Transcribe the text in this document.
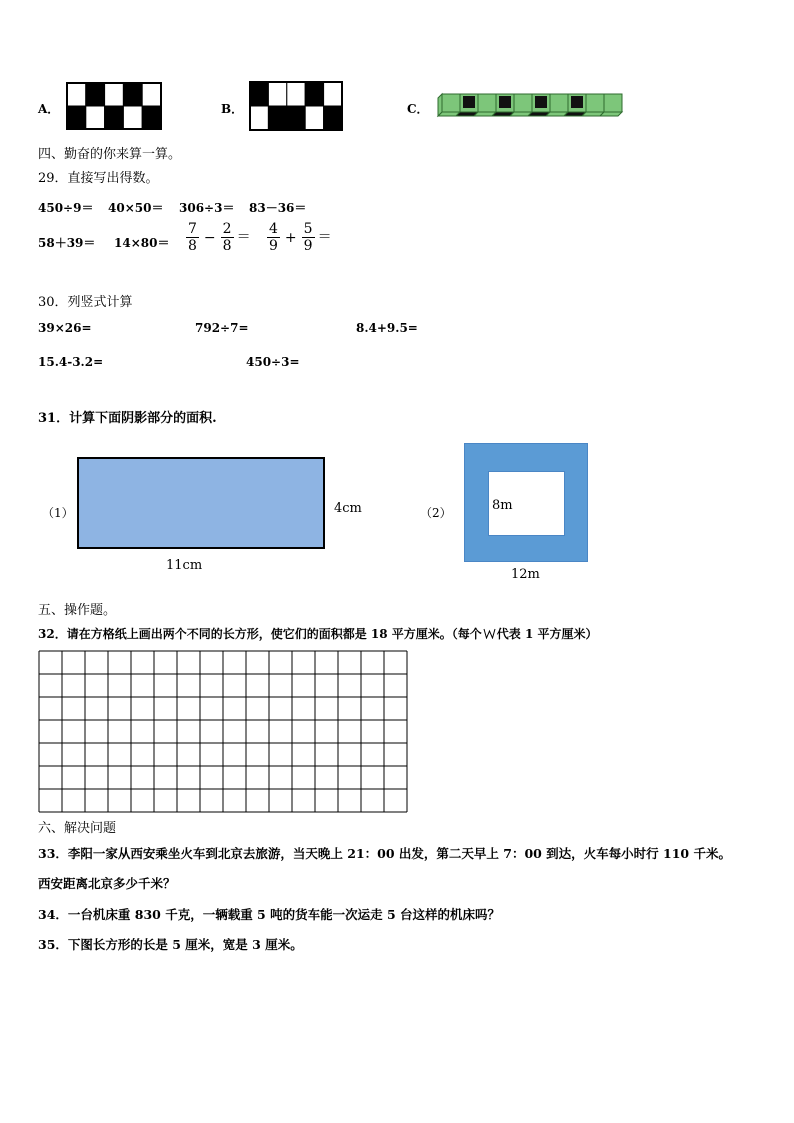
A．	B．	C．
四、勤奋的你来算一算。
29．直接写出得数。
450÷9＝ 40×50＝ 306÷3＝ 83－36＝
$58+39= 14\times 80= \frac{7}{8} - \frac{2}{8} = \frac{4}{9} + \frac{5}{9}$ ＝
30．列竖式计算
39×26=	792÷7=	8.4+9.5=
15.4-3.2=	450÷3=
31．计算下面阴影部分的面积.
（1）	4cm
11cm
（2）	8m
12m
五、操作题。
32．请在方格纸上画出两个不同的长方形，使它们的面积都是 18 平方厘米。（每个 代表 1 平方厘米）
六、解决问题
33．李阳一家从西安乘坐火车到北京去旅游，当天晚上 21：00 出发，第二天早上 7：00 到达，火车每小时行 110 千米。
西安距离北京多少千米？
34．一台机床重 830 千克，一辆载重 5 吨的货车能一次运走 5 台这样的机床吗？
35．下图长方形的长是 5 厘米，宽是 3 厘米。
